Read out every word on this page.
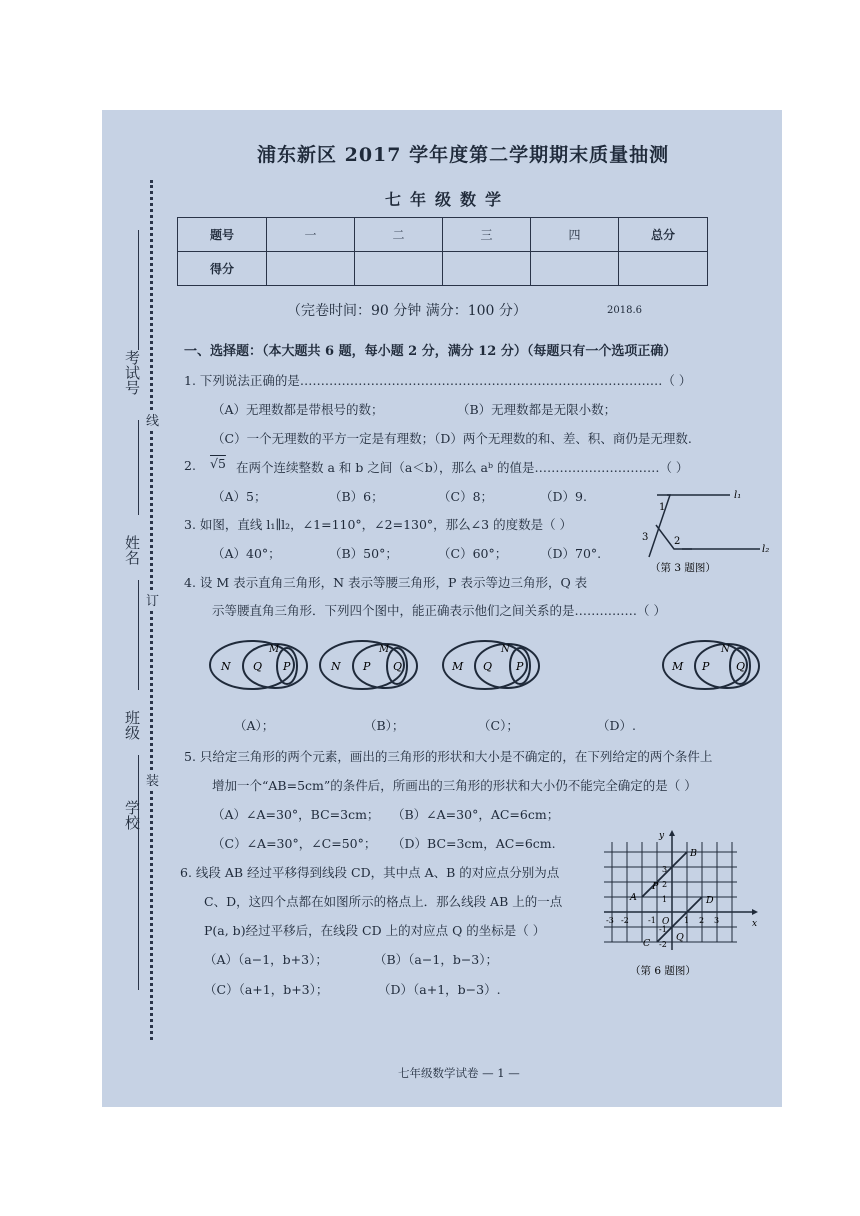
考试号
姓名
班级
学校
线
订
装
浦东新区 2017 学年度第二学期期末质量抽测
七年级数学
题号	一	二	三	四	总分
得分					
（完卷时间：90 分钟 满分：100 分）	2018.6
一、选择题：（本大题共 6 题，每小题 2 分，满分 12 分）（每题只有一个选项正确）
1. 下列说法正确的是……………………………………………………………………………（ ）
（A）无理数都是带根号的数；	（B）无理数都是无限小数；
（C）一个无理数的平方一定是有理数；（D）两个无理数的和、差、积、商仍是无理数.
2. √5 在两个连续整数 a 和 b 之间（a＜b），那么 aᵇ 的值是…………………………（ ）
（A）5；	（B）6；	（C）8；	（D）9.
3. 如图，直线 l₁∥l₂，∠1=110°，∠2=130°，那么∠3 的度数是（ ）
（A）40°；	（B）50°；	（C）60°；	（D）70°.
l₁
l₂
1
2
3
（第 3 题图）
4. 设 M 表示直角三角形，N 表示等腰三角形，P 表示等边三角形，Q 表
示等腰直角三角形．下列四个图中，能正确表示他们之间关系的是……………（ ）
N Q
M
P	N P
M
Q	M Q
N
P	M P
N
Q
（A）；	（B）；	（C）；	（D）.
5. 只给定三角形的两个元素，画出的三角形的形状和大小是不确定的，在下列给定的两个条件上
增加一个“AB=5cm”的条件后，所画出的三角形的形状和大小仍不能完全确定的是（ ）
（A）∠A=30°，BC=3cm； （B）∠A=30°，AC=6cm；
（C）∠A=30°，∠C=50°； （D）BC=3cm，AC=6cm.
6. 线段 AB 经过平移得到线段 CD，其中点 A、B 的对应点分别为点
C、D，这四个点都在如图所示的格点上．那么线段 AB 上的一点
P(a, b)经过平移后，在线段 CD 上的对应点 Q 的坐标是（ ）
（A）（a−1，b+3）；	（B）（a−1，b−3）；
（C）（a+1，b+3）；	（D）（a+1，b−3）.
x
y
O
-3 -2 -1	1 2 3
3
2
1
-1
-2
A
B
P
C
D
Q
（第 6 题图）
七年级数学试卷 — 1 —
